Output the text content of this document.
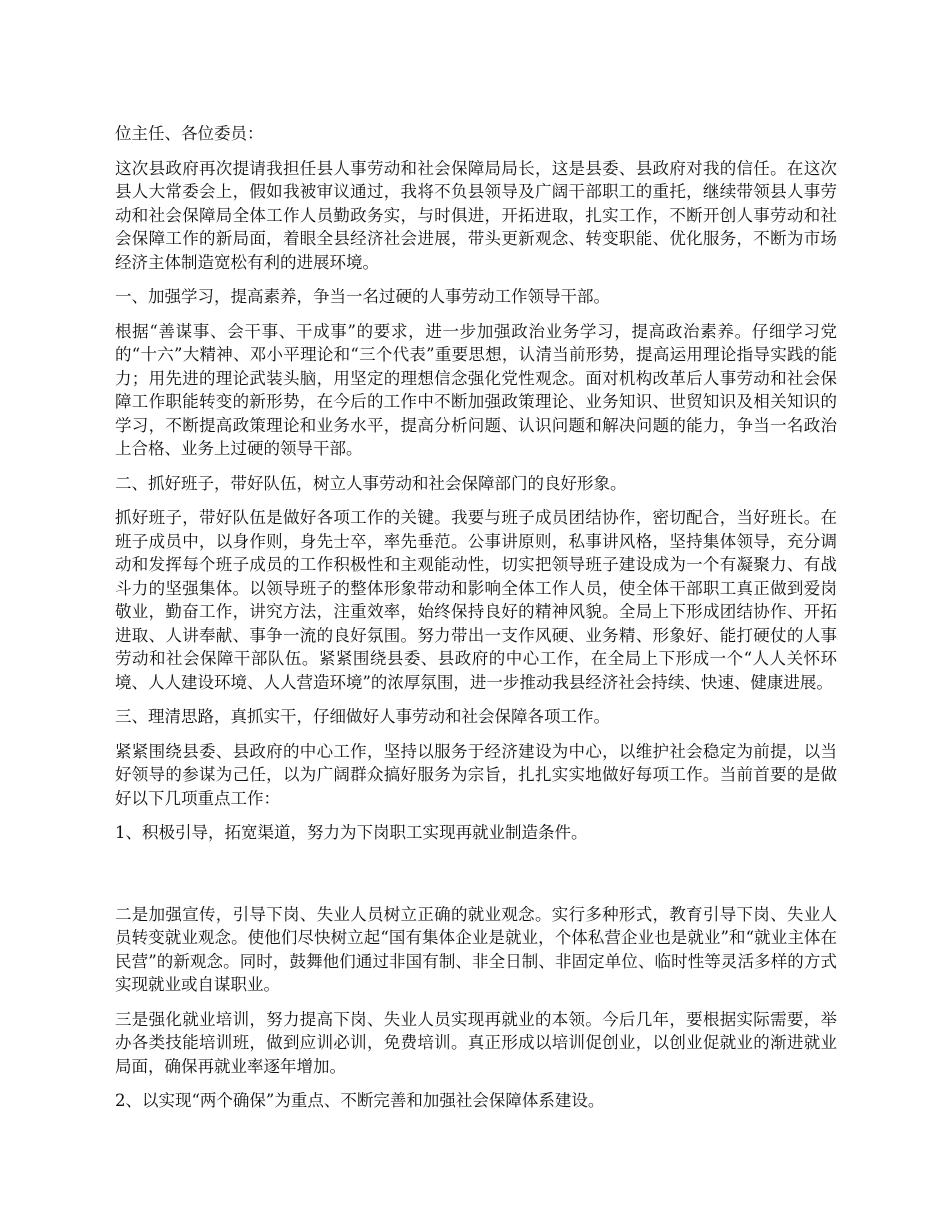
位主任、各位委员：

这次县政府再次提请我担任县人事劳动和社会保障局局长，这是县委、县政府对我的信任。在这次县人大常委会上，假如我被审议通过，我将不负县领导及广阔干部职工的重托，继续带领县人事劳动和社会保障局全体工作人员勤政务实，与时俱进，开拓进取，扎实工作，不断开创人事劳动和社会保障工作的新局面，着眼全县经济社会进展，带头更新观念、转变职能、优化服务，不断为市场经济主体制造宽松有利的进展环境。

一、加强学习，提高素养，争当一名过硬的人事劳动工作领导干部。

根据“善谋事、会干事、干成事”的要求，进一步加强政治业务学习，提高政治素养。仔细学习党的“十六”大精神、邓小平理论和“三个代表”重要思想，认清当前形势，提高运用理论指导实践的能力；用先进的理论武装头脑，用坚定的理想信念强化党性观念。面对机构改革后人事劳动和社会保障工作职能转变的新形势，在今后的工作中不断加强政策理论、业务知识、世贸知识及相关知识的学习，不断提高政策理论和业务水平，提高分析问题、认识问题和解决问题的能力，争当一名政治上合格、业务上过硬的领导干部。

二、抓好班子，带好队伍，树立人事劳动和社会保障部门的良好形象。

抓好班子，带好队伍是做好各项工作的关键。我要与班子成员团结协作，密切配合，当好班长。在班子成员中，以身作则，身先士卒，率先垂范。公事讲原则，私事讲风格，坚持集体领导，充分调动和发挥每个班子成员的工作积极性和主观能动性，切实把领导班子建设成为一个有凝聚力、有战斗力的坚强集体。以领导班子的整体形象带动和影响全体工作人员，使全体干部职工真正做到爱岗敬业，勤奋工作，讲究方法，注重效率，始终保持良好的精神风貌。全局上下形成团结协作、开拓进取、人讲奉献、事争一流的良好氛围。努力带出一支作风硬、业务精、形象好、能打硬仗的人事劳动和社会保障干部队伍。紧紧围绕县委、县政府的中心工作，在全局上下形成一个“人人关怀环境、人人建设环境、人人营造环境”的浓厚氛围，进一步推动我县经济社会持续、快速、健康进展。

三、理清思路，真抓实干，仔细做好人事劳动和社会保障各项工作。

紧紧围绕县委、县政府的中心工作，坚持以服务于经济建设为中心，以维护社会稳定为前提，以当好领导的参谋为己任，以为广阔群众搞好服务为宗旨，扎扎实实地做好每项工作。当前首要的是做好以下几项重点工作：

1、积极引导，拓宽渠道，努力为下岗职工实现再就业制造条件。

二是加强宣传，引导下岗、失业人员树立正确的就业观念。实行多种形式，教育引导下岗、失业人员转变就业观念。使他们尽快树立起“国有集体企业是就业，个体私营企业也是就业”和“就业主体在民营”的新观念。同时，鼓舞他们通过非国有制、非全日制、非固定单位、临时性等灵活多样的方式实现就业或自谋职业。

三是强化就业培训，努力提高下岗、失业人员实现再就业的本领。今后几年，要根据实际需要，举办各类技能培训班，做到应训必训，免费培训。真正形成以培训促创业，以创业促就业的渐进就业局面，确保再就业率逐年增加。

2、以实现“两个确保”为重点、不断完善和加强社会保障体系建设。
